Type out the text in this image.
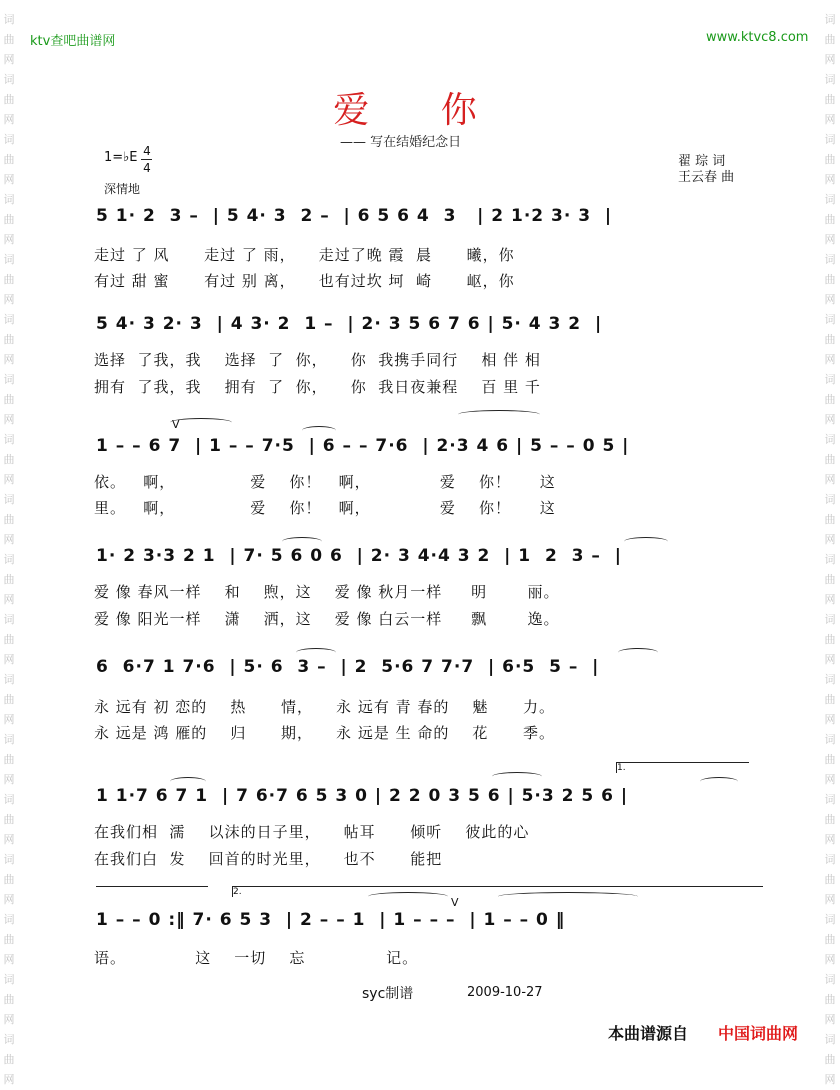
词
曲
网
词
曲
网
词
曲
网
词
曲
网
词
曲
网
词
曲
网
词
曲
网
词
曲
网
词
曲
网
词
曲
网
词
曲
网
词
曲
网
词
曲
网
词
曲
网
词
曲
网
词
曲
网
词
曲
网
词
曲
网
词
曲
网
词
曲
网
词
曲
网
词
曲
网
词
曲
网
词
曲
网
词
曲
网
词
曲
网
词
曲
网
词
曲
网
词
曲
网
词
曲
网
词
曲
网
词
曲
网
词
曲
网
词
曲
网
词
曲
网
词
曲
网
ktv查吧曲谱网	www.ktvc8.com
爱 你
—— 写在结婚纪念日
1=♭E 4
4
深情地
翟 琮 词
王云春 曲
5 1· 2  3 –  | 5 4· 3  2 –  | 6 5 6 4  3   | 2 1·2 3· 3  |
走过 了 风      走过 了 雨，    走过了晚 霞  晨      曦，你
有过 甜 蜜      有过 别 离，    也有过坎 坷  崎      岖，你
5 4· 3 2· 3  | 4 3· 2  1 –  | 2· 3 5 6 7 6 | 5· 4 3 2  |
选择  了我，我    选择  了  你，    你  我携手同行    相 伴 相
拥有  了我，我    拥有  了  你，    你  我日夜兼程    百 里 千
V
1 – – 6 7  | 1 – – 7·5  | 6 – – 7·6  | 2·3 4 6 | 5 – – 0 5 |
依。   啊，             爱    你！   啊，            爱    你！     这
里。   啊，             爱    你！   啊，            爱    你！     这
1· 2 3·3 2 1  | 7· 5 6 0 6  | 2· 3 4·4 3 2  | 1  2  3 –  |
爱 像 春风一样    和    煦，这    爱 像 秋月一样     明       丽。
爱 像 阳光一样    潇    洒，这    爱 像 白云一样     飘       逸。
6  6·7 1 7·6  | 5· 6  3 –  | 2  5·6 7 7·7  | 6·5  5 –  |
永 远有 初 恋的    热      情，    永 远有 青 春的    魅      力。
永 远是 鸿 雁的    归      期，    永 远是 生 命的    花      季。
1.
1 1·7 6 7 1  | 7 6·7 6 5 3 0 | 2 2 0 3 5 6 | 5·3 2 5 6 |
在我们相  濡    以沫的日子里，    帖耳      倾听    彼此的心
在我们白  发    回首的时光里，    也不      能把
2.
V
1 – – 0 :‖ 7· 6 5 3  | 2 – – 1  | 1 – – –  | 1 – – 0 ‖
语。            这    一切    忘              记。
syc制谱	2009-10-27
本曲谱源自 中国词曲网
